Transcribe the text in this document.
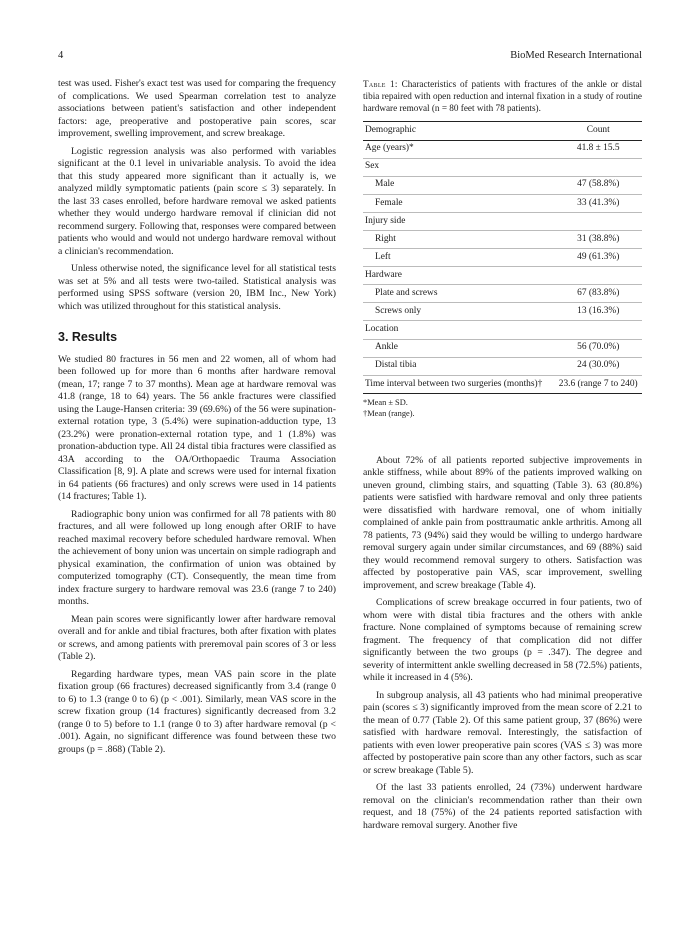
4	BioMed Research International

test was used. Fisher's exact test was used for comparing the frequency of complications. We used Spearman correlation test to analyze associations between patient's satisfaction and other independent factors: age, preoperative and postoperative pain scores, scar improvement, swelling improvement, and screw breakage.

Logistic regression analysis was also performed with variables significant at the 0.1 level in univariable analysis. To avoid the idea that this study appeared more significant than it actually is, we analyzed mildly symptomatic patients (pain score ≤ 3) separately. In the last 33 cases enrolled, before hardware removal we asked patients whether they would undergo hardware removal if clinician did not recommend surgery. Following that, responses were compared between patients who would and would not undergo hardware removal without a clinician's recommendation.

Unless otherwise noted, the significance level for all statistical tests was set at 5% and all tests were two-tailed. Statistical analysis was performed using SPSS software (version 20, IBM Inc., New York) which was utilized throughout for this statistical analysis.

3. Results

We studied 80 fractures in 56 men and 22 women, all of whom had been followed up for more than 6 months after hardware removal (mean, 17; range 7 to 37 months). Mean age at hardware removal was 41.8 (range, 18 to 64) years. The 56 ankle fractures were classified using the Lauge-Hansen criteria: 39 (69.6%) of the 56 were supination-external rotation type, 3 (5.4%) were supination-adduction type, 13 (23.2%) were pronation-external rotation type, and 1 (1.8%) was pronation-abduction type. All 24 distal tibia fractures were classified as 43A according to the OA/Orthopaedic Trauma Association Classification [8, 9]. A plate and screws were used for internal fixation in 64 patients (66 fractures) and only screws were used in 14 patients (14 fractures; Table 1).

Radiographic bony union was confirmed for all 78 patients with 80 fractures, and all were followed up long enough after ORIF to have reached maximal recovery before scheduled hardware removal. When the achievement of bony union was uncertain on simple radiograph and physical examination, the confirmation of union was obtained by computerized tomography (CT). Consequently, the mean time from index fracture surgery to hardware removal was 23.6 (range 7 to 240) months.

Mean pain scores were significantly lower after hardware removal overall and for ankle and tibial fractures, both after fixation with plates or screws, and among patients with preremoval pain scores of 3 or less (Table 2).

Regarding hardware types, mean VAS pain score in the plate fixation group (66 fractures) decreased significantly from 3.4 (range 0 to 6) to 1.3 (range 0 to 6) (p < .001). Similarly, mean VAS score in the screw fixation group (14 fractures) significantly decreased from 3.2 (range 0 to 5) before to 1.1 (range 0 to 3) after hardware removal (p < .001). Again, no significant difference was found between these two groups (p = .868) (Table 2).

Table 1: Characteristics of patients with fractures of the ankle or distal tibia repaired with open reduction and internal fixation in a study of routine hardware removal (n = 80 feet with 78 patients).
Demographic	Count
Age (years)*	41.8 ± 15.5
Sex	
Male	47 (58.8%)
Female	33 (41.3%)
Injury side	
Right	31 (38.8%)
Left	49 (61.3%)
Hardware	
Plate and screws	67 (83.8%)
Screws only	13 (16.3%)
Location	
Ankle	56 (70.0%)
Distal tibia	24 (30.0%)
Time interval between two surgeries (months)†	23.6 (range 7 to 240)
*Mean ± SD.
†Mean (range).

About 72% of all patients reported subjective improvements in ankle stiffness, while about 89% of the patients improved walking on uneven ground, climbing stairs, and squatting (Table 3). 63 (80.8%) patients were satisfied with hardware removal and only three patients were dissatisfied with hardware removal, one of whom initially complained of ankle pain from posttraumatic ankle arthritis. Among all 78 patients, 73 (94%) said they would be willing to undergo hardware removal surgery again under similar circumstances, and 69 (88%) said they would recommend removal surgery to others. Satisfaction was affected by postoperative pain VAS, scar improvement, swelling improvement, and screw breakage (Table 4).

Complications of screw breakage occurred in four patients, two of whom were with distal tibia fractures and the others with ankle fracture. None complained of symptoms because of remaining screw fragment. The frequency of that complication did not differ significantly between the two groups (p = .347). The degree and severity of intermittent ankle swelling decreased in 58 (72.5%) patients, while it increased in 4 (5%).

In subgroup analysis, all 43 patients who had minimal preoperative pain (scores ≤ 3) significantly improved from the mean score of 2.21 to the mean of 0.77 (Table 2). Of this same patient group, 37 (86%) were satisfied with hardware removal. Interestingly, the satisfaction of patients with even lower preoperative pain scores (VAS ≤ 3) was more affected by postoperative pain score than any other factors, such as scar or screw breakage (Table 5).

Of the last 33 patients enrolled, 24 (73%) underwent hardware removal on the clinician's recommendation rather than their own request, and 18 (75%) of the 24 patients reported satisfaction with hardware removal surgery. Another five
